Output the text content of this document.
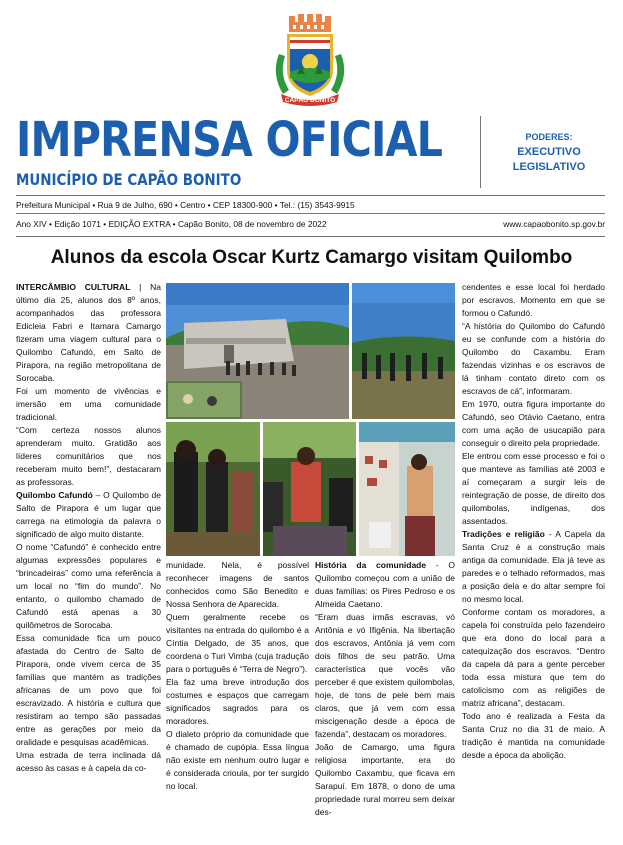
CAPÃO BONITO
IMPRENSA OFICIAL
MUNICÍPIO DE CAPÃO BONITO
PODERES:
EXECUTIVO
LEGISLATIVO
Prefeitura Municipal • Rua 9 de Julho, 690 • Centro • CEP 18300-900 • Tel.: (15) 3543-9915
Ano XIV • Edição 1071 • EDIÇÃO EXTRA • Capão Bonito, 08 de novembro de 2022	www.capaobonito.sp.gov.br
Alunos da escola Oscar Kurtz Camargo visitam Quilombo

INTERCÂMBIO CULTURAL | Na último dia 25, alunos dos 8º anos, acompanhados das professora Edicleia Fabri e Itamara Camargo fizeram uma viagem cultural para o Quilombo Cafundó, em Salto de Pirapora, na região metropolitana de Sorocaba.

Foi um momento de vivências e imersão em uma comunidade tradicional.

“Com certeza nossos alunos aprenderam muito. Gratidão aos líderes comunitários que nos receberam muito bem!”, destacaram as professoras.

Quilombo Cafundó – O Quilombo de Salto de Pirapora é um lugar que carrega na etimologia da palavra o significado de algo muito distante.

O nome “Cafundó” é conhecido entre algumas expressões populares e “brincadeiras” como uma referência a um local no “fim do mundo”. No entanto, o quilombo chamado de Cafundó está apenas a 30 quilômetros de Sorocaba.

Essa comunidade fica um pouco afastada do Centro de Salto de Pirapora, onde vivem cerca de 35 famílias que mantém as tradições africanas de um povo que foi escravizado. A história e cultura que resistiram ao tempo são passadas entre as gerações por meio da oralidade e pesquisas acadêmicas.

Uma estrada de terra inclinada dá acesso às casas e à capela da co-

munidade. Nela, é possível reconhecer imagens de santos conhecidos como São Benedito e Nossa Senhora de Aparecida.

Quem geralmente recebe os visitantes na entrada do quilombo é a Cíntia Delgado, de 35 anos, que coordena o Turi Vimba (cuja tradução para o português é “Terra de Negro”).

Ela faz uma breve introdução dos costumes e espaços que carregam significados sagrados para os moradores.

O dialeto próprio da comunidade que é chamado de cupópia. Essa língua não existe em nenhum outro lugar e é considerada crioula, por ter surgido no local.

História da comunidade - O Quilombo começou com a união de duas famílias: os Pires Pedroso e os Almeida Caetano.

“Eram duas irmãs escravas, vó Antônia e vó Ifigênia. Na libertação dos escravos, Antônia já vem com dois filhos de seu patrão. Uma característica que vocês vão perceber é que existem quilombolas, hoje, de tons de pele bem mais claros, que já vem com essa miscigenação desde a época de fazenda”, destacam os moradores.

João de Camargo, uma figura religiosa importante, era do Quilombo Caxambu, que ficava em Sarapuí. Em 1878, o dono de uma propriedade rural morreu sem deixar des-

cendentes e esse local foi herdado por escravos. Momento em que se formou o Cafundó.

“A história do Quilombo do Cafundó eu se confunde com a história do Quilombo do Caxambu. Eram fazendas vizinhas e os escravos de lá tinham contato direto com os escravos de cá”, informaram.

Em 1970, outra figura importante do Cafundó, seo Otávio Caetano, entra com uma ação de usucapião para conseguir o direito pela propriedade.

Ele entrou com esse processo e foi o que manteve as famílias até 2003 e aí começaram a surgir leis de reintegração de posse, de direito dos quilombolas, indígenas, dos assentados.

Tradições e religião - A Capela da Santa Cruz é a construção mais antiga da comunidade. Ela já teve as paredes e o telhado reformados, mas a posição dela e do altar sempre foi no mesmo local.

Conforme contam os moradores, a capela foi construída pelo fazendeiro que era dono do local para a catequização dos escravos. “Dentro da capela dá para a gente perceber toda essa mistura que tem do catolicismo com as religiões de matriz africana”, destacam.

Todo ano é realizada a Festa da Santa Cruz no dia 31 de maio. A tradição é mantida na comunidade desde a época da abolição.
